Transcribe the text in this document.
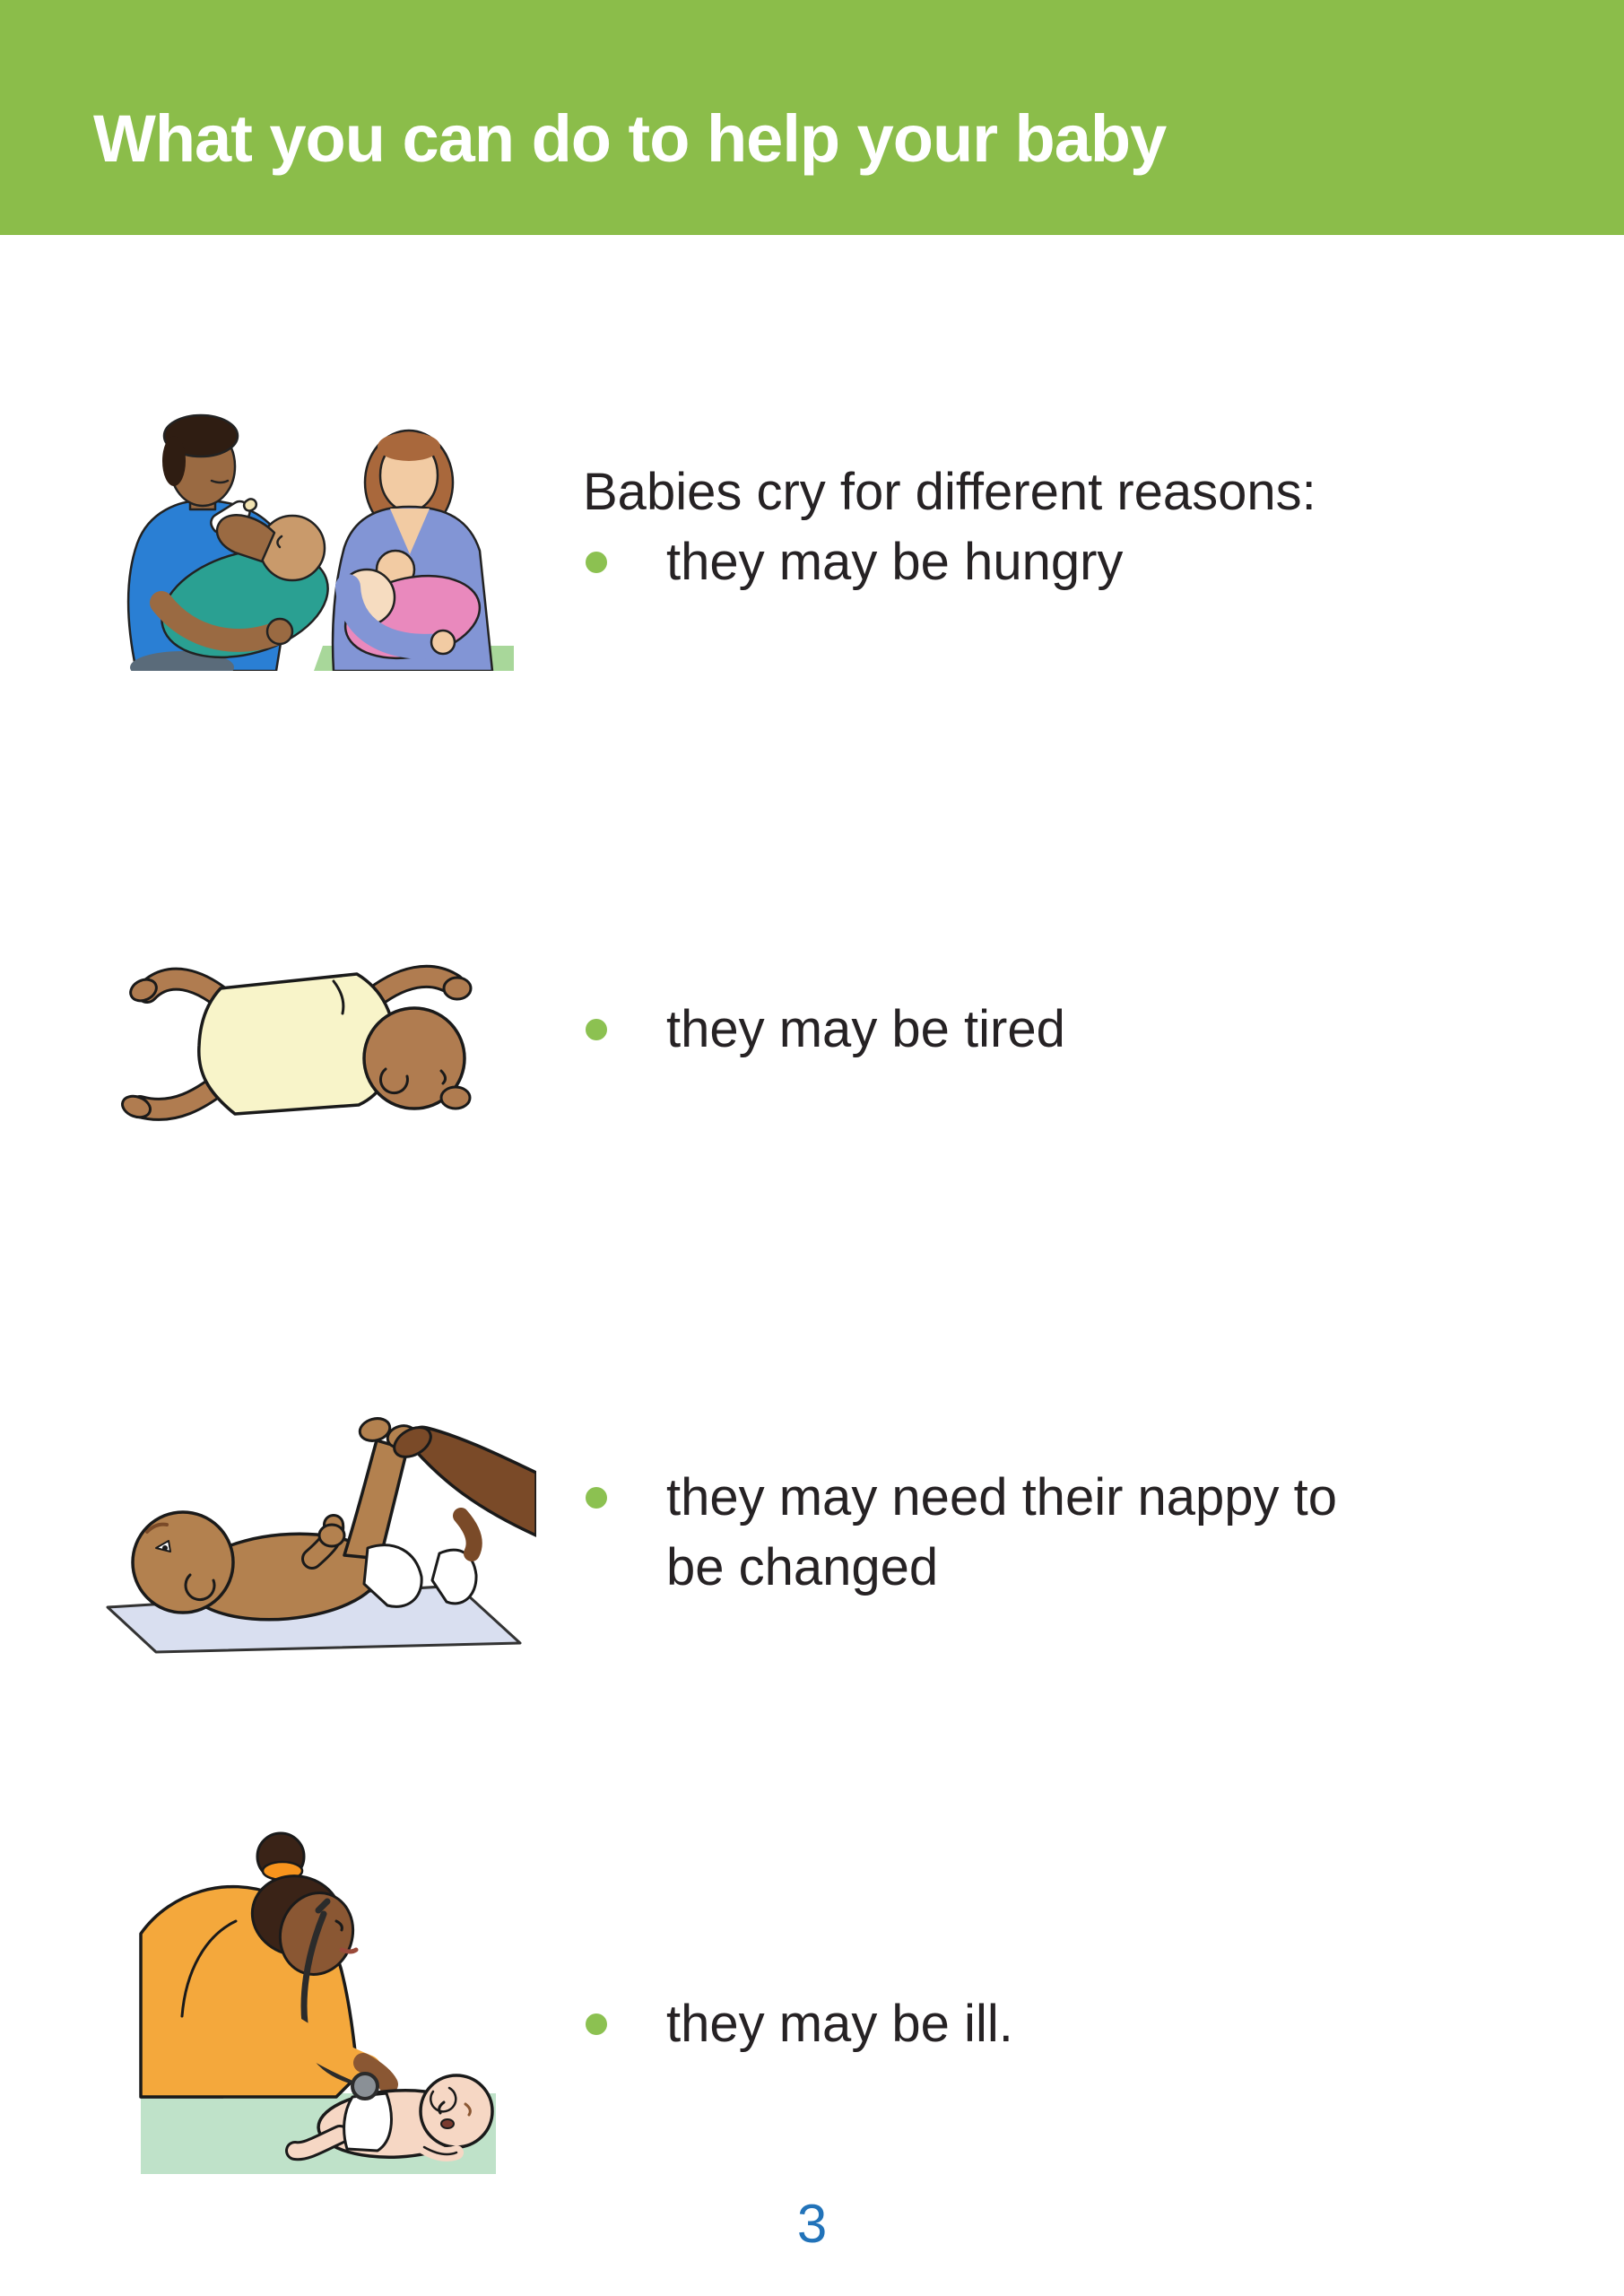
What you can do to help your baby

Babies cry for different reasons:

they may be hungry
they may be tired
they may need their nappy to be changed
they may be ill.
3
